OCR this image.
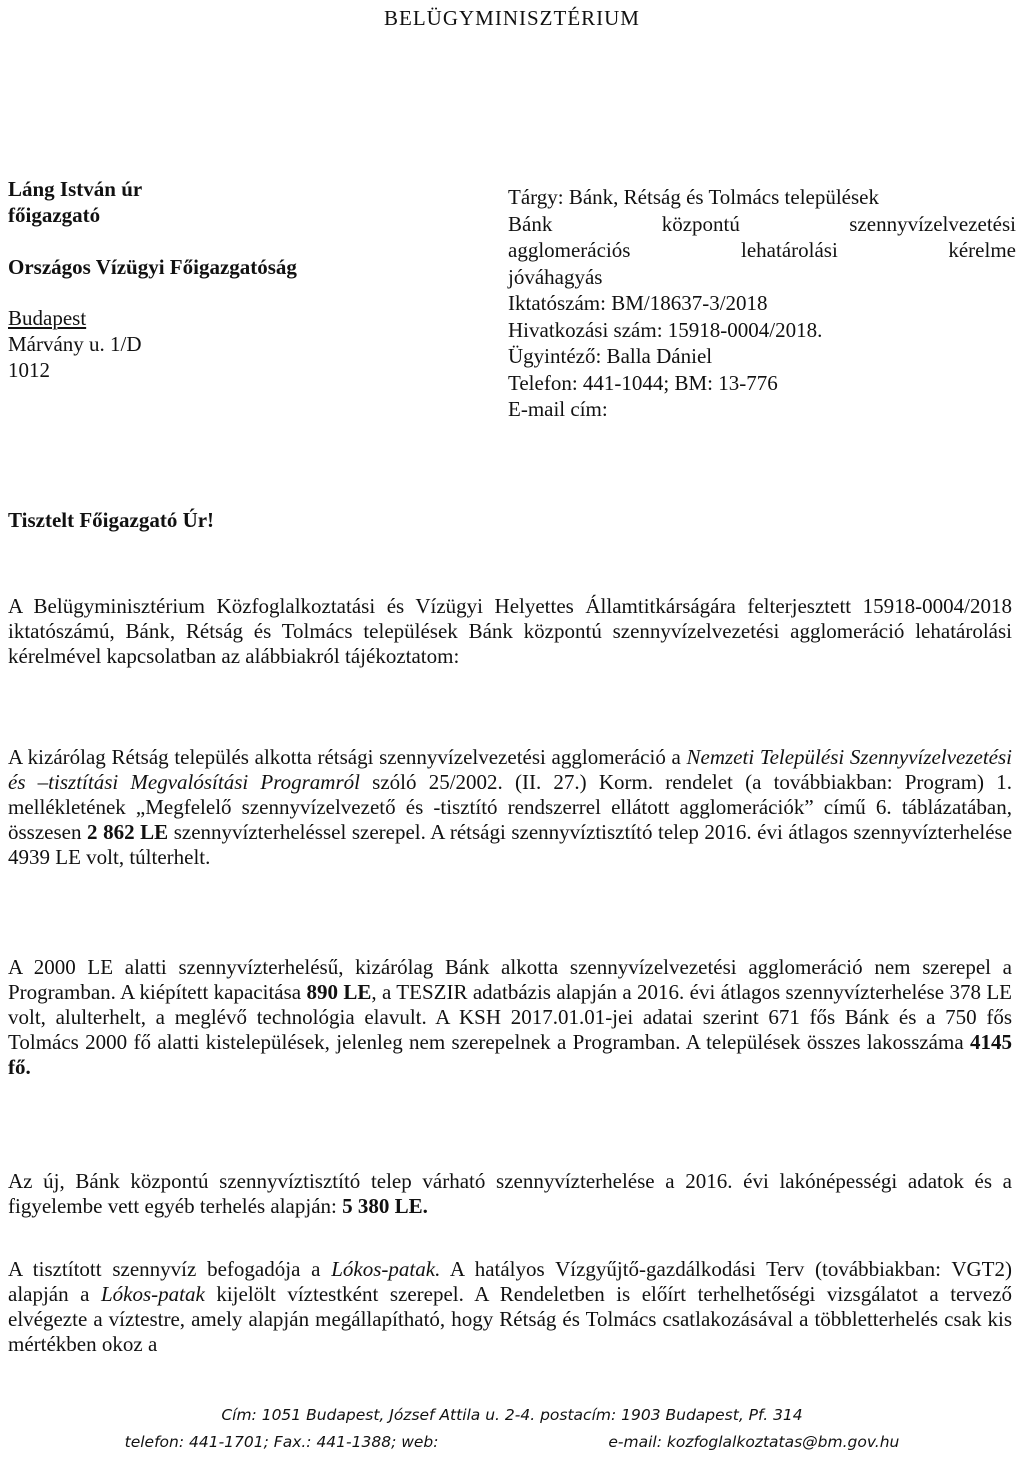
BELÜGYMINISZTÉRIUM
Láng István úr
főigazgató
Országos Vízügyi Főigazgatóság
Budapest
Márvány u. 1/D
1012
Tárgy: Bánk, Rétság és Tolmács települések
Bánk központú szennyvízelvezetési
agglomerációs lehatárolási kérelme
jóváhagyás
Iktatószám: BM/18637-3/2018
Hivatkozási szám: 15918-0004/2018.
Ügyintéző: Balla Dániel
Telefon: 441-1044; BM: 13-776
E-mail cím:
Tisztelt Főigazgató Úr!
A Belügyminisztérium Közfoglalkoztatási és Vízügyi Helyettes Államtitkárságára felterjesztett 15918-0004/2018 iktatószámú, Bánk, Rétság és Tolmács települések Bánk központú szennyvízelvezetési agglomeráció lehatárolási kérelmével kapcsolatban az alábbiakról tájékoztatom:
A kizárólag Rétság település alkotta rétsági szennyvízelvezetési agglomeráció a Nemzeti Települési Szennyvízelvezetési és –tisztítási Megvalósítási Programról szóló 25/2002. (II. 27.) Korm. rendelet (a továbbiakban: Program) 1. mellékletének „Megfelelő szennyvízelvezető és -tisztító rendszerrel ellátott agglomerációk” című 6. táblázatában, összesen 2 862 LE szennyvízterheléssel szerepel. A rétsági szennyvíztisztító telep 2016. évi átlagos szennyvízterhelése 4939 LE volt, túlterhelt.
A 2000 LE alatti szennyvízterhelésű, kizárólag Bánk alkotta szennyvízelvezetési agglomeráció nem szerepel a Programban. A kiépített kapacitása 890 LE, a TESZIR adatbázis alapján a 2016. évi átlagos szennyvízterhelése 378 LE volt, alulterhelt, a meglévő technológia elavult. A KSH 2017.01.01-jei adatai szerint 671 fős Bánk és a 750 fős Tolmács 2000 fő alatti kistelepülések, jelenleg nem szerepelnek a Programban. A települések összes lakosszáma 4145 fő.
Az új, Bánk központú szennyvíztisztító telep várható szennyvízterhelése a 2016. évi lakónépességi adatok és a figyelembe vett egyéb terhelés alapján: 5 380 LE.
A tisztított szennyvíz befogadója a Lókos-patak. A hatályos Vízgyűjtő-gazdálkodási Terv (továbbiakban: VGT2) alapján a Lókos-patak kijelölt víztestként szerepel. A Rendeletben is előírt terhelhetőségi vizsgálatot a tervező elvégezte a víztestre, amely alapján megállapítható, hogy Rétság és Tolmács csatlakozásával a többletterhelés csak kis mértékben okoz a
Cím: 1051 Budapest, József Attila u. 2-4. postacím: 1903 Budapest, Pf. 314
telefon: 441-1701; Fax.: 441-1388; web:	e-mail: kozfoglalkoztatas@bm.gov.hu
